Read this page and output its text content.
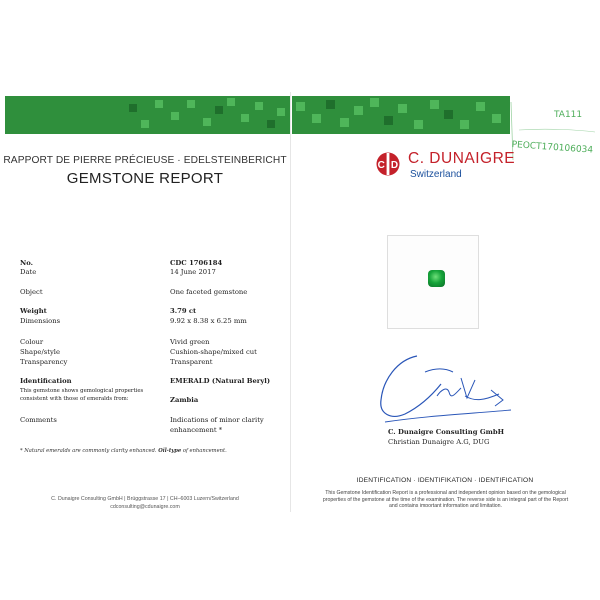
TA111
PEOCT170106034
RAPPORT DE PIERRE PRÉCIEUSE · EDELSTEINBERICHT
GEMSTONE REPORT
No.	CDC 1706184
Date	14 June 2017
Object	One faceted gemstone
Weight	3.79 ct
Dimensions	9.92 x 8.38 x 6.25 mm
Colour	Vivid green
Shape/style	Cushion-shape/mixed cut
Transparency	Transparent
Identification	EMERALD (Natural Beryl)
This gemstone shows gemological properties
consistent with those of emeralds from:	Zambia
Comments	Indications of minor clarity
enhancement *
* Natural emeralds are commonly clarity enhanced. Oil-type of enhancement.
C. Dunaigre Consulting GmbH | Brüggstrasse 17 | CH–6003 Luzern/Switzerland
cdconsulting@cdunaigre.com
C D C. DUNAIGRE
Switzerland
C. Dunaigre Consulting GmbH
Christian Dunaigre A.G, DUG
IDENTIFICATION · IDENTIFIKATION · IDENTIFICATION
This Gemstone Identification Report is a professional and independent opinion based on the gemological
properties of the gemstone at the time of the examination. The reverse side is an integral part of the Report
and contains important information and limitation.
